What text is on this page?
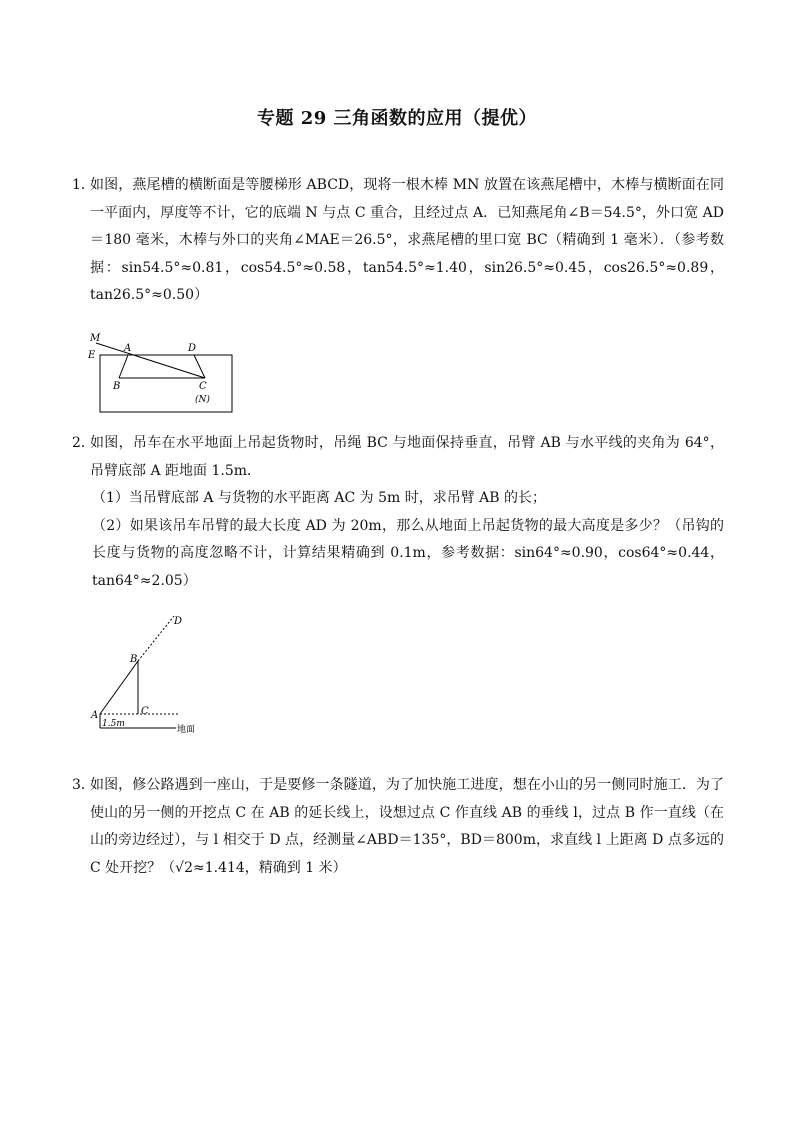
专题 29 三角函数的应用（提优）
1．
如图，燕尾槽的横断面是等腰梯形 ABCD，现将一根木棒 MN 放置在该燕尾槽中，木棒与横断面在同一平面内，厚度等不计，它的底端 N 与点 C 重合，且经过点 A．已知燕尾角∠B＝54.5°，外口宽 AD＝180 毫米，木棒与外口的夹角∠MAE＝26.5°，求燕尾槽的里口宽 BC（精确到 1 毫米）．（参考数据：sin54.5°≈0.81，cos54.5°≈0.58，tan54.5°≈1.40，sin26.5°≈0.45，cos26.5°≈0.89，tan26.5°≈0.50）
M
E
A	D
B	C
(N)
2．
如图，吊车在水平地面上吊起货物时，吊绳 BC 与地面保持垂直，吊臂 AB 与水平线的夹角为 64°，吊臂底部 A 距地面 1.5m．
（1）当吊臂底部 A 与货物的水平距离 AC 为 5m 时，求吊臂 AB 的长；
（2）如果该吊车吊臂的最大长度 AD 为 20m，那么从地面上吊起货物的最大高度是多少？（吊钩的长度与货物的高度忽略不计，计算结果精确到 0.1m，参考数据：sin64°≈0.90，cos64°≈0.44，tan64°≈2.05）
D
B
A	C
1.5m
地面
3．
如图，修公路遇到一座山，于是要修一条隧道，为了加快施工进度，想在小山的另一侧同时施工．为了使山的另一侧的开挖点 C 在 AB 的延长线上，设想过点 C 作直线 AB 的垂线 l，过点 B 作一直线（在山的旁边经过），与 l 相交于 D 点，经测量∠ABD＝135°，BD＝800m，求直线 l 上距离 D 点多远的 C 处开挖？（√2≈1.414，精确到 1 米）
